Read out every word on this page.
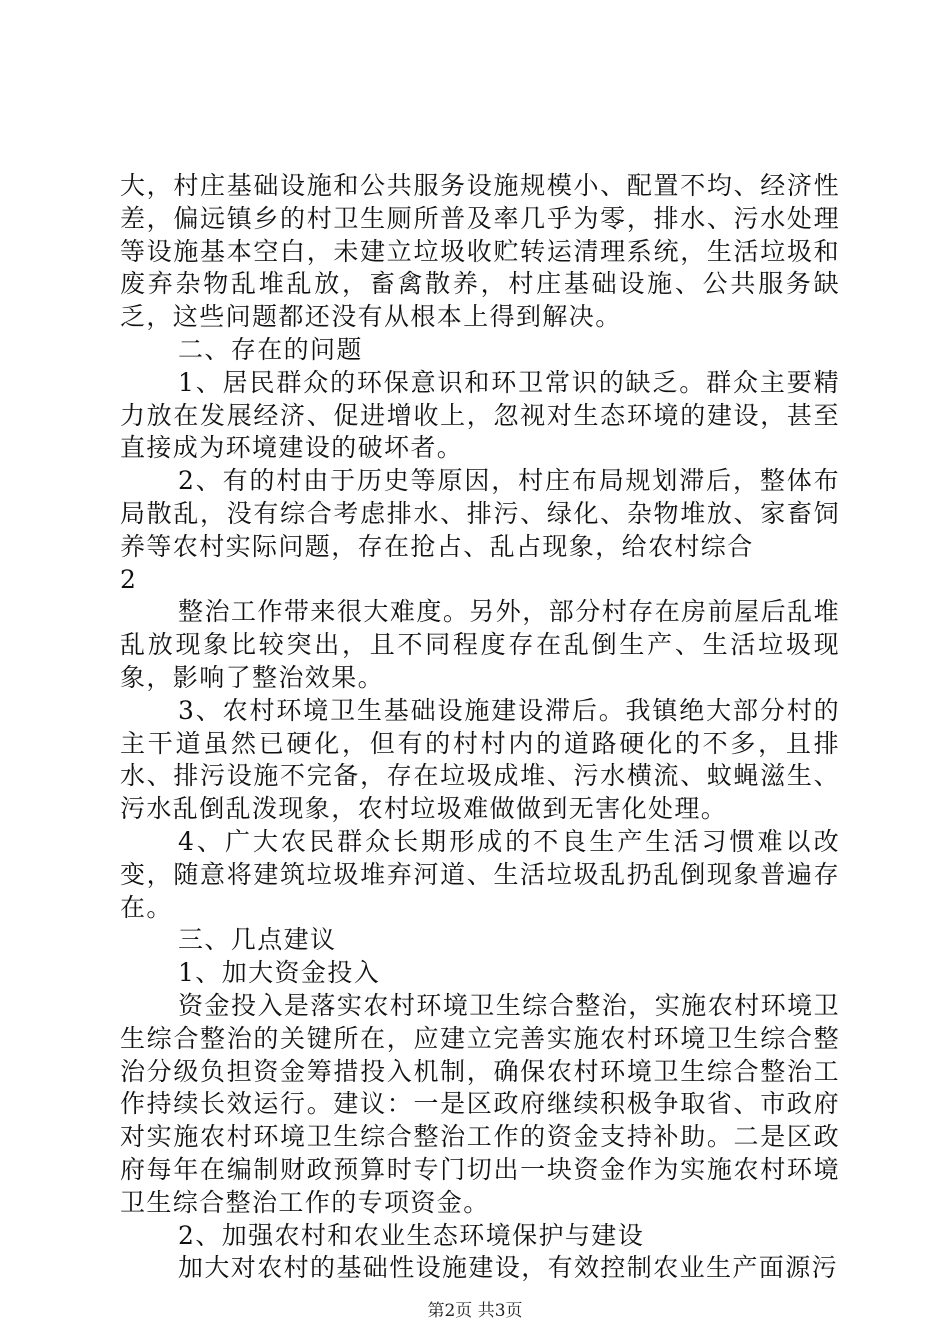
大，村庄基础设施和公共服务设施规模小、配置不均、经济性差，偏远镇乡的村卫生厕所普及率几乎为零，排水、污水处理等设施基本空白，未建立垃圾收贮转运清理系统，生活垃圾和废弃杂物乱堆乱放，畜禽散养，村庄基础设施、公共服务缺乏，这些问题都还没有从根本上得到解决。

二、存在的问题

1、居民群众的环保意识和环卫常识的缺乏。群众主要精力放在发展经济、促进增收上，忽视对生态环境的建设，甚至直接成为环境建设的破坏者。

2、有的村由于历史等原因，村庄布局规划滞后，整体布局散乱，没有综合考虑排水、排污、绿化、杂物堆放、家畜饲养等农村实际问题，存在抢占、乱占现象，给农村综合

2

整治工作带来很大难度。另外，部分村存在房前屋后乱堆乱放现象比较突出，且不同程度存在乱倒生产、生活垃圾现象，影响了整治效果。

3、农村环境卫生基础设施建设滞后。我镇绝大部分村的主干道虽然已硬化，但有的村村内的道路硬化的不多，且排水、排污设施不完备，存在垃圾成堆、污水横流、蚊蝇滋生、污水乱倒乱泼现象，农村垃圾难做做到无害化处理。

4、广大农民群众长期形成的不良生产生活习惯难以改变，随意将建筑垃圾堆弃河道、生活垃圾乱扔乱倒现象普遍存在。

三、几点建议

1、加大资金投入

资金投入是落实农村环境卫生综合整治，实施农村环境卫生综合整治的关键所在，应建立完善实施农村环境卫生综合整治分级负担资金筹措投入机制，确保农村环境卫生综合整治工作持续长效运行。建议：一是区政府继续积极争取省、市政府对实施农村环境卫生综合整治工作的资金支持补助。二是区政府每年在编制财政预算时专门切出一块资金作为实施农村环境卫生综合整治工作的专项资金。

2、加强农村和农业生态环境保护与建设

加大对农村的基础性设施建设，有效控制农业生产面源污

第2页 共3页
